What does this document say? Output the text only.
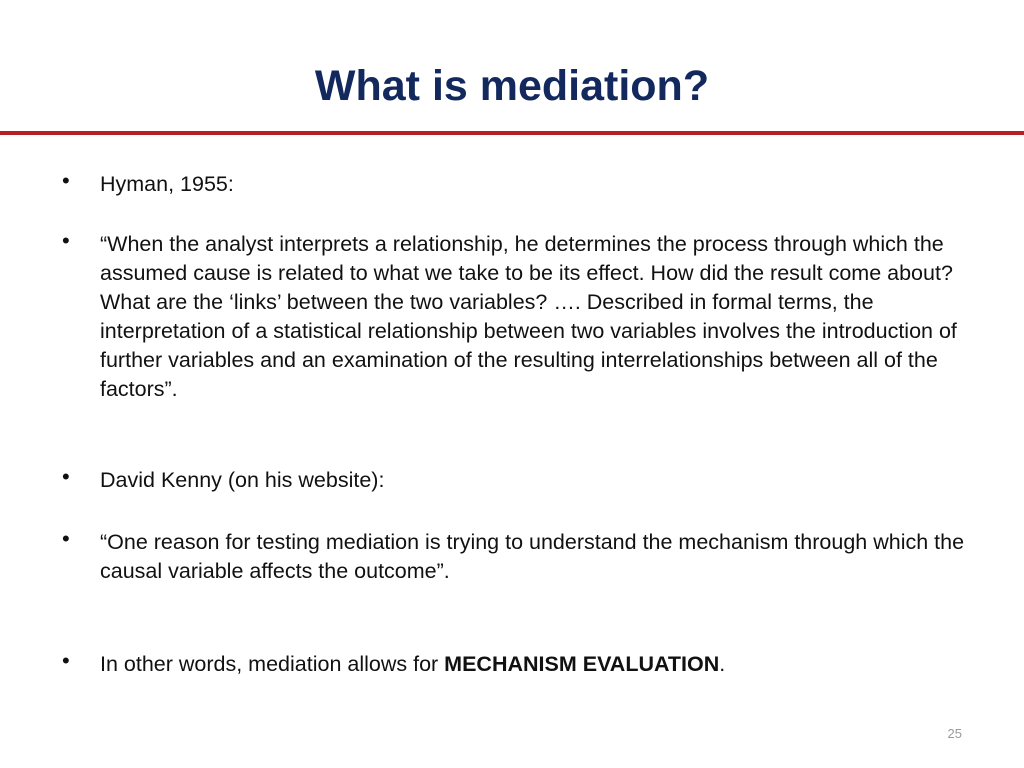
What is mediation?
• Hyman, 1955:
• “When the analyst interprets a relationship, he determines the process through which the assumed cause is related to what we take to be its effect. How did the result come about? What are the ‘links’ between the two variables? …. Described in formal terms, the interpretation of a statistical relationship between two variables involves the introduction of further variables and an examination of the resulting interrelationships between all of the factors”.
• David Kenny (on his website):
• “One reason for testing mediation is trying to understand the mechanism through which the causal variable affects the outcome”.
• In other words, mediation allows for MECHANISM EVALUATION.
25
